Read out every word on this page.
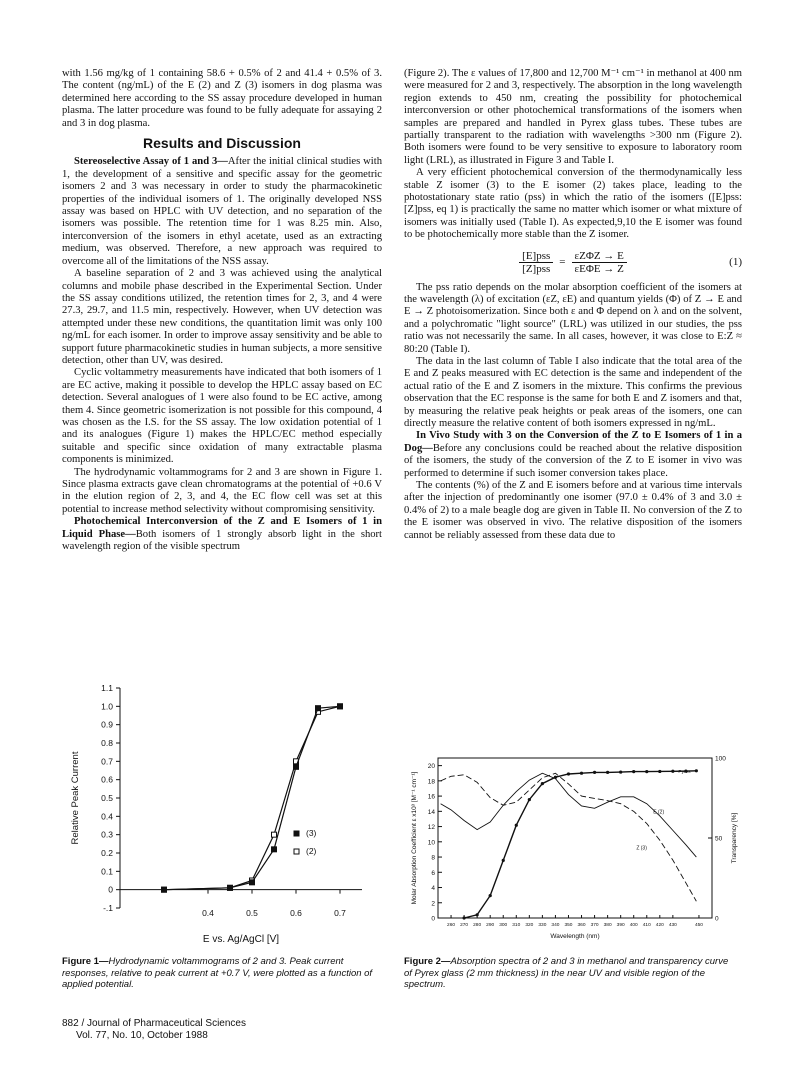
with 1.56 mg/kg of 1 containing 58.6 + 0.5% of 2 and 41.4 + 0.5% of 3. The content (ng/mL) of the E (2) and Z (3) isomers in dog plasma was determined here according to the SS assay procedure developed in human plasma. The latter procedure was found to be fully adequate for assaying 2 and 3 in dog plasma.

Results and Discussion

Stereoselective Assay of 1 and 3—After the initial clinical studies with 1, the development of a sensitive and specific assay for the geometric isomers 2 and 3 was necessary in order to study the pharmacokinetic properties of the individual isomers of 1. The originally developed NSS assay was based on HPLC with UV detection, and no separation of the isomers was possible. The retention time for 1 was 8.25 min. Also, interconversion of the isomers in ethyl acetate, used as an extracting medium, was observed. Therefore, a new approach was required to overcome all of the limitations of the NSS assay.

A baseline separation of 2 and 3 was achieved using the analytical columns and mobile phase described in the Experimental Section. Under the SS assay conditions utilized, the retention times for 2, 3, and 4 were 27.3, 29.7, and 11.5 min, respectively. However, when UV detection was attempted under these new conditions, the quantitation limit was only 100 ng/mL for each isomer. In order to improve assay sensitivity and be able to support future pharmacokinetic studies in human subjects, a more sensitive detection, other than UV, was desired.

Cyclic voltammetry measurements have indicated that both isomers of 1 are EC active, making it possible to develop the HPLC assay based on EC detection. Several analogues of 1 were also found to be EC active, among them 4. Since geometric isomerization is not possible for this compound, 4 was chosen as the I.S. for the SS assay. The low oxidation potential of 1 and its analogues (Figure 1) makes the HPLC/EC method especially suitable and specific since oxidation of many extractable plasma components is minimized.

The hydrodynamic voltammograms for 2 and 3 are shown in Figure 1. Since plasma extracts gave clean chromatograms at the potential of +0.6 V in the elution region of 2, 3, and 4, the EC flow cell was set at this potential to increase method selectivity without compromising sensitivity.

Photochemical Interconversion of the Z and E Isomers of 1 in Liquid Phase—Both isomers of 1 strongly absorb light in the short wavelength region of the visible spectrum

(Figure 2). The ε values of 17,800 and 12,700 M⁻¹ cm⁻¹ in methanol at 400 nm were measured for 2 and 3, respectively. The absorption in the long wavelength region extends to 450 nm, creating the possibility for photochemical interconversion or other photochemical transformations of the isomers when samples are prepared and handled in Pyrex glass tubes. These tubes are partially transparent to the radiation with wavelengths >300 nm (Figure 2). Both isomers were found to be very sensitive to exposure to laboratory room light (LRL), as illustrated in Figure 3 and Table I.

A very efficient photochemical conversion of the thermodynamically less stable Z isomer (3) to the E isomer (2) takes place, leading to the photostationary state ratio (pss) in which the ratio of the isomers ([E]pss:[Z]pss, eq 1) is practically the same no matter which isomer or what mixture of isomers was initially used (Table I). As expected,9,10 the E isomer was found to be photochemically more stable than the Z isomer.

$\frac{\text{[E]pss}}{\text{[Z]pss}} = \frac{\text{εZΦZ → E}}{\text{εEΦE → Z}}$	(1)

The pss ratio depends on the molar absorption coefficient of the isomers at the wavelength (λ) of excitation (εZ, εE) and quantum yields (Φ) of Z → E and E → Z photoisomerization. Since both ε and Φ depend on λ and on the solvent, and a polychromatic "light source" (LRL) was utilized in our studies, the pss ratio was not necessarily the same. In all cases, however, it was close to E:Z ≈ 80:20 (Table I).

The data in the last column of Table I also indicate that the total area of the E and Z peaks measured with EC detection is the same and independent of the actual ratio of the E and Z isomers in the mixture. This confirms the previous observation that the EC response is the same for both E and Z isomers and that, by measuring the relative peak heights or peak areas of the isomers, one can directly measure the relative content of both isomers expressed in ng/mL.

In Vivo Study with 3 on the Conversion of the Z to E Isomers of 1 in a Dog—Before any conclusions could be reached about the relative disposition of the isomers, the study of the conversion of the Z to E isomer in vivo was performed to determine if such isomer conversion takes place.

The contents (%) of the Z and E isomers before and at various time intervals after the injection of predominantly one isomer (97.0 ± 0.4% of 3 and 3.0 ± 0.4% of 2) to a male beagle dog are given in Table II. No conversion of the Z to the E isomer was observed in vivo. The relative disposition of the isomers cannot be reliably assessed from these data due to

-.1
0
0.1
0.2
0.3
0.4
0.5
0.6
0.7
0.8
0.9
1.0
1.1
0.4	0.5	0.6	0.7
E vs. Ag/AgCl [V]
Relative Peak Current
(2)
(3)
Figure 1—Hydrodynamic voltammograms of 2 and 3. Peak current responses, relative to peak current at +0.7 V, were plotted as a function of applied potential.
0
2
4
6
8
10
12
14
16
18
20
0
50
100
260 270 280 290 300 310 320 330 340 350 360 370 380 390 400 410 420 430	450
Wavelength (nm)
Molar Absorption Coefficient ε x10³ [M⁻¹ cm⁻¹]	Transparency [%]
E (2)
Z (3)
Pyrex
Figure 2—Absorption spectra of 2 and 3 in methanol and transparency curve of Pyrex glass (2 mm thickness) in the near UV and visible region of the spectrum.
882 / Journal of Pharmaceutical Sciences
Vol. 77, No. 10, October 1988
